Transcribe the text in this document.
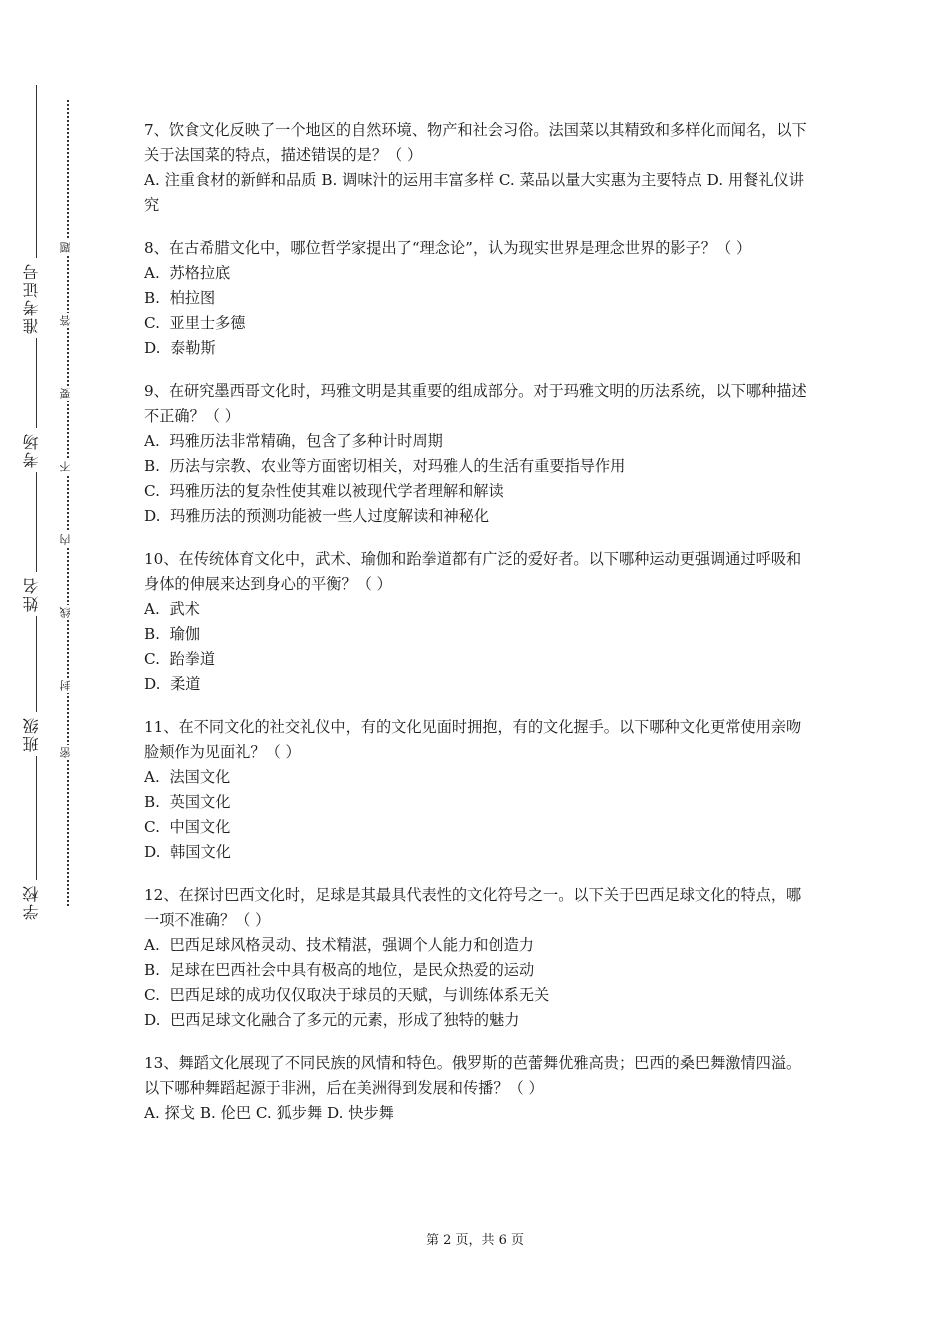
准考证号
考场
姓名
班级
学校
题
答
要
不
内
线
封
密

7、饮食文化反映了一个地区的自然环境、物产和社会习俗。法国菜以其精致和多样化而闻名，以下关于法国菜的特点，描述错误的是？（ ）

A. 注重食材的新鲜和品质 B. 调味汁的运用丰富多样 C. 菜品以量大实惠为主要特点 D. 用餐礼仪讲究

8、在古希腊文化中，哪位哲学家提出了“理念论”，认为现实世界是理念世界的影子？（ ）

A.  苏格拉底

B.  柏拉图

C.  亚里士多德

D.  泰勒斯

9、在研究墨西哥文化时，玛雅文明是其重要的组成部分。对于玛雅文明的历法系统，以下哪种描述不正确？（ ）

A.  玛雅历法非常精确，包含了多种计时周期

B.  历法与宗教、农业等方面密切相关，对玛雅人的生活有重要指导作用

C.  玛雅历法的复杂性使其难以被现代学者理解和解读

D.  玛雅历法的预测功能被一些人过度解读和神秘化

10、在传统体育文化中，武术、瑜伽和跆拳道都有广泛的爱好者。以下哪种运动更强调通过呼吸和身体的伸展来达到身心的平衡？（ ）

A.  武术

B.  瑜伽

C.  跆拳道

D.  柔道

11、在不同文化的社交礼仪中，有的文化见面时拥抱，有的文化握手。以下哪种文化更常使用亲吻脸颊作为见面礼？（ ）

A.  法国文化

B.  英国文化

C.  中国文化

D.  韩国文化

12、在探讨巴西文化时，足球是其最具代表性的文化符号之一。以下关于巴西足球文化的特点，哪一项不准确？（ ）

A.  巴西足球风格灵动、技术精湛，强调个人能力和创造力

B.  足球在巴西社会中具有极高的地位，是民众热爱的运动

C.  巴西足球的成功仅仅取决于球员的天赋，与训练体系无关

D.  巴西足球文化融合了多元的元素，形成了独特的魅力

13、舞蹈文化展现了不同民族的风情和特色。俄罗斯的芭蕾舞优雅高贵；巴西的桑巴舞激情四溢。以下哪种舞蹈起源于非洲，后在美洲得到发展和传播？（ ）

A. 探戈 B. 伦巴 C. 狐步舞 D. 快步舞

第 2 页，共 6 页
